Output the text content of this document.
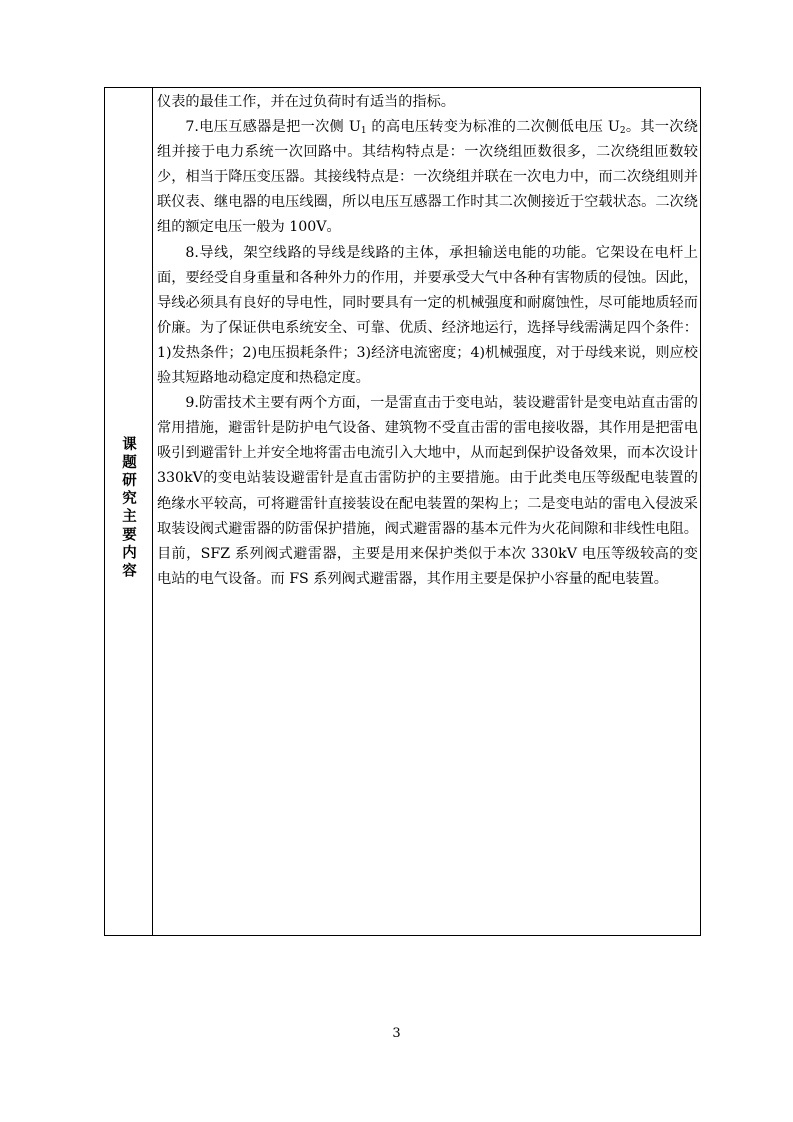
课题研究主要内容

仪表的最佳工作，并在过负荷时有适当的指标。

7.电压互感器是把一次侧 $U_1$ 的高电压转变为标准的二次侧低电压 $U_2$。其一次绕组并接于电力系统一次回路中。其结构特点是：一次绕组匝数很多，二次绕组匝数较少，相当于降压变压器。其接线特点是：一次绕组并联在一次电力中，而二次绕组则并联仪表、继电器的电压线圈，所以电压互感器工作时其二次侧接近于空载状态。二次绕组的额定电压一般为 100V。

8.导线，架空线路的导线是线路的主体，承担输送电能的功能。它架设在电杆上面，要经受自身重量和各种外力的作用，并要承受大气中各种有害物质的侵蚀。因此，导线必须具有良好的导电性，同时要具有一定的机械强度和耐腐蚀性，尽可能地质轻而价廉。为了保证供电系统安全、可靠、优质、经济地运行，选择导线需满足四个条件：1)发热条件；2)电压损耗条件；3)经济电流密度；4)机械强度，对于母线来说，则应校验其短路地动稳定度和热稳定度。

9.防雷技术主要有两个方面，一是雷直击于变电站，装设避雷针是变电站直击雷的常用措施，避雷针是防护电气设备、建筑物不受直击雷的雷电接收器，其作用是把雷电吸引到避雷针上并安全地将雷击电流引入大地中，从而起到保护设备效果，而本次设计330kV的变电站装设避雷针是直击雷防护的主要措施。由于此类电压等级配电装置的绝缘水平较高，可将避雷针直接装设在配电装置的架构上；二是变电站的雷电入侵波采取装设阀式避雷器的防雷保护措施，阀式避雷器的基本元件为火花间隙和非线性电阻。目前，SFZ 系列阀式避雷器，主要是用来保护类似于本次 330kV 电压等级较高的变电站的电气设备。而 FS 系列阀式避雷器，其作用主要是保护小容量的配电装置。

3
